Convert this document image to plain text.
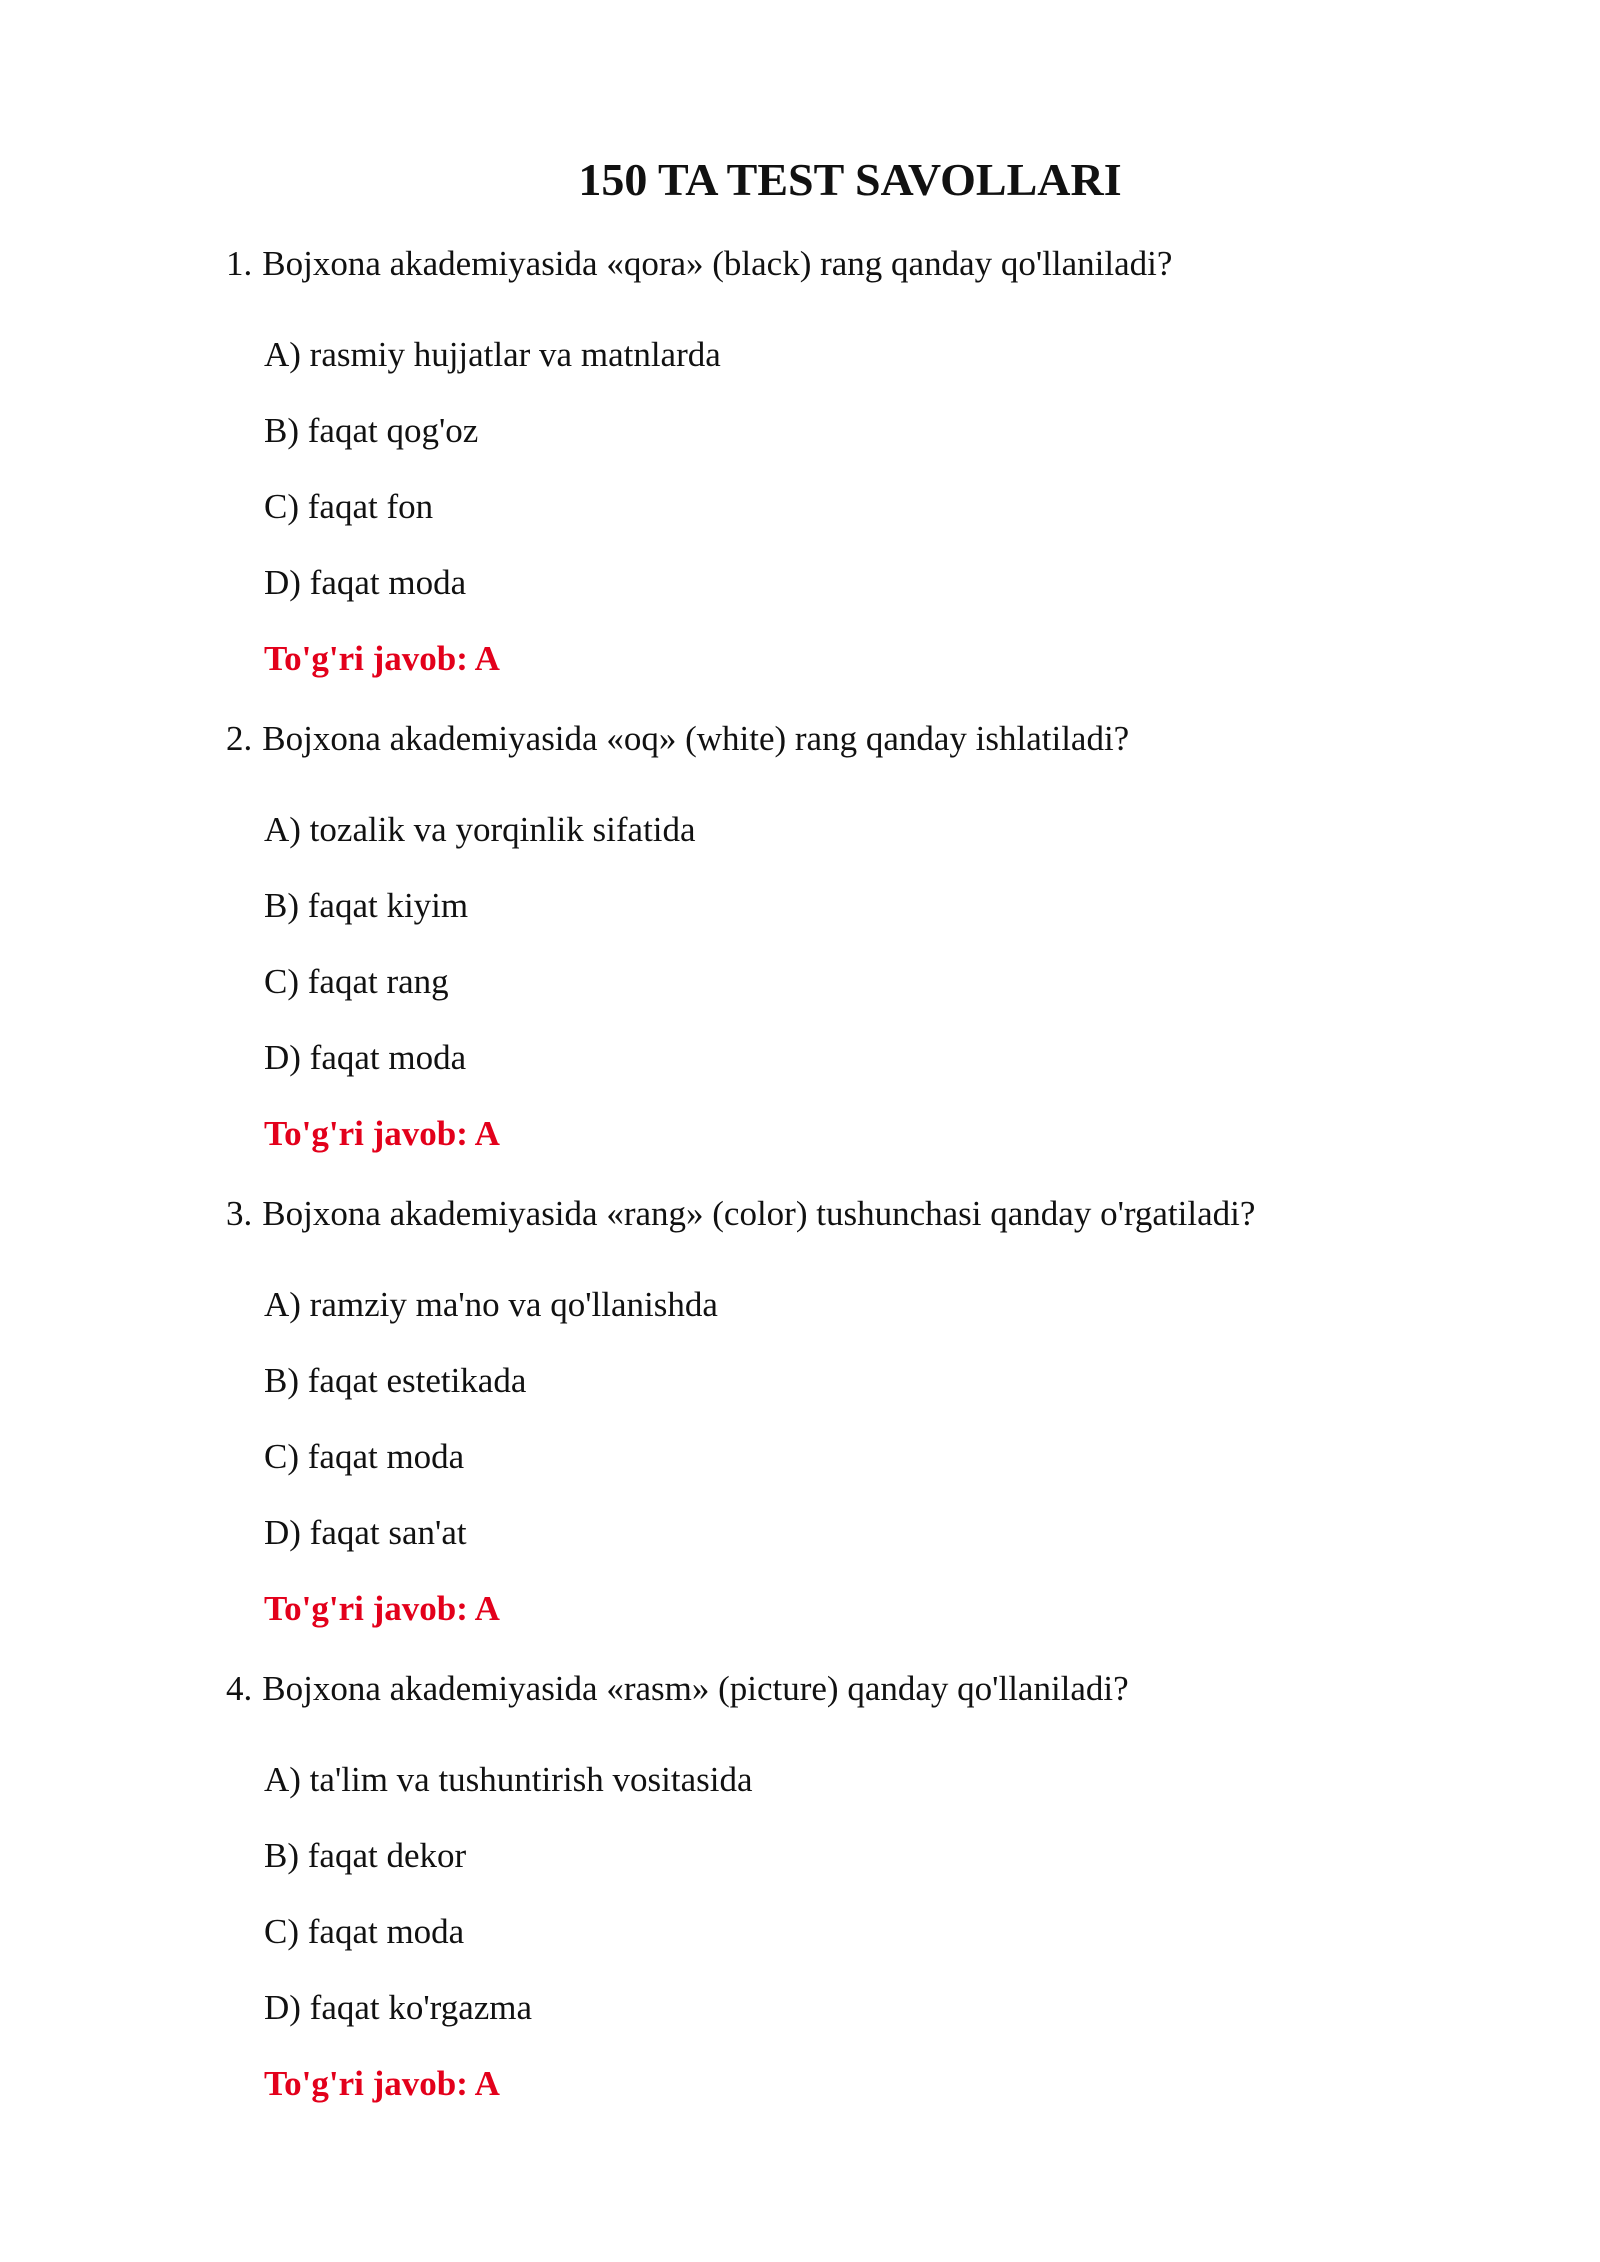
150 TA TEST SAVOLLARI
1. Bojxona akademiyasida «qora» (black) rang qanday qo'llaniladi?
A) rasmiy hujjatlar va matnlarda
B) faqat qog'oz
C) faqat fon
D) faqat moda
To'g'ri javob: A
2. Bojxona akademiyasida «oq» (white) rang qanday ishlatiladi?
A) tozalik va yorqinlik sifatida
B) faqat kiyim
C) faqat rang
D) faqat moda
To'g'ri javob: A
3. Bojxona akademiyasida «rang» (color) tushunchasi qanday o'rgatiladi?
A) ramziy ma'no va qo'llanishda
B) faqat estetikada
C) faqat moda
D) faqat san'at
To'g'ri javob: A
4. Bojxona akademiyasida «rasm» (picture) qanday qo'llaniladi?
A) ta'lim va tushuntirish vositasida
B) faqat dekor
C) faqat moda
D) faqat ko'rgazma
To'g'ri javob: A
